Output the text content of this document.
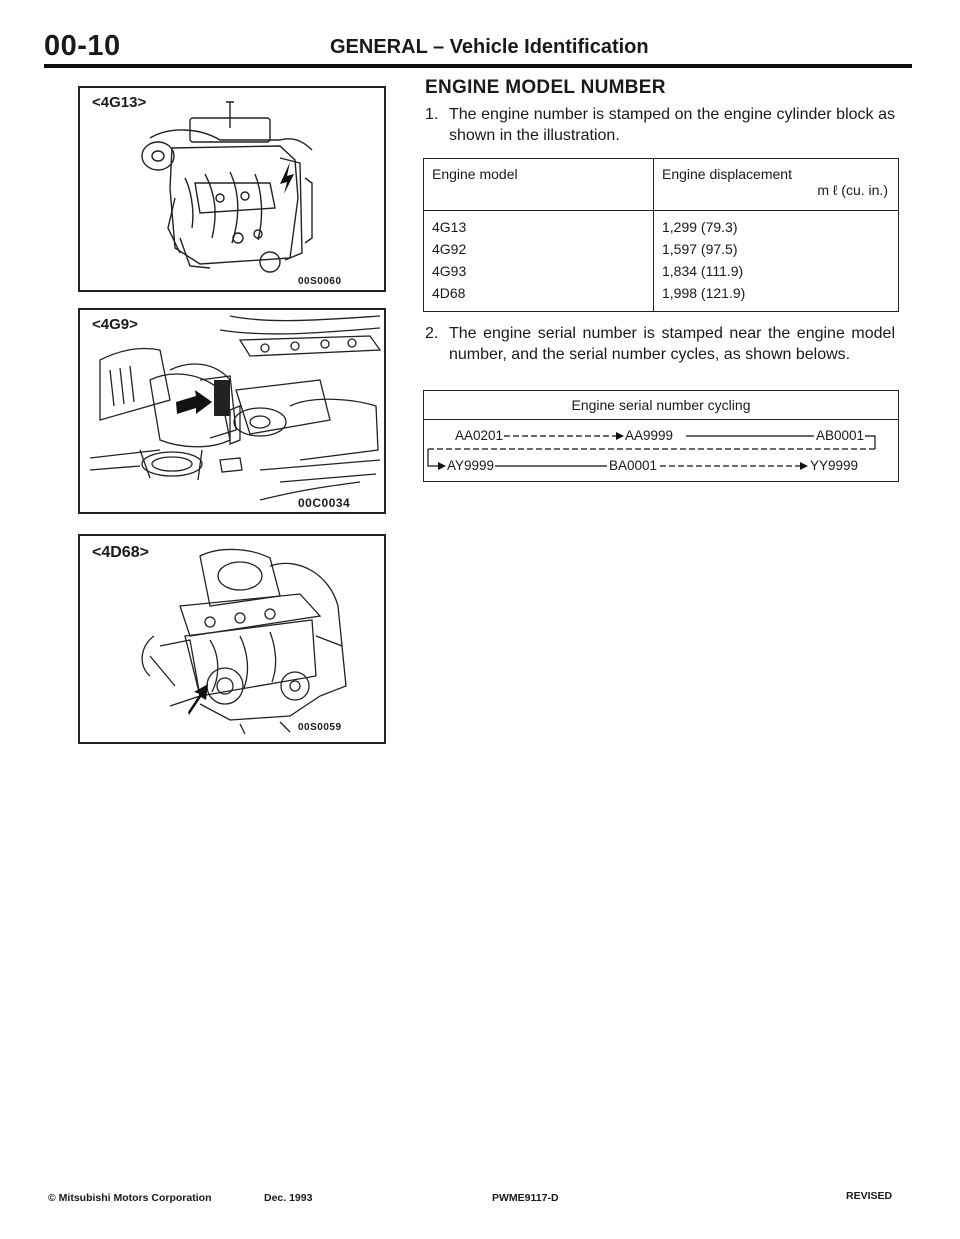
00-10	GENERAL – Vehicle Identification
<4G13>
00S0060
<4G9>
00C0034
<4D68>
00S0059
ENGINE MODEL NUMBER
1. The engine number is stamped on the engine cylinder block as shown in the illustration.
Engine model	Engine displacement
m ℓ (cu. in.)

4G13	1,299 (79.3)
4G92	1,597 (97.5)
4G93	1,834 (111.9)
4D68	1,998 (121.9)
2. The engine serial number is stamped near the engine model number, and the serial number cycles, as shown belows.
Engine serial number cycling
AA0201	AA9999	AB0001
AY9999	BA0001	YY9999
© Mitsubishi Motors Corporation	Dec. 1993	PWME9117-D	REVISED
